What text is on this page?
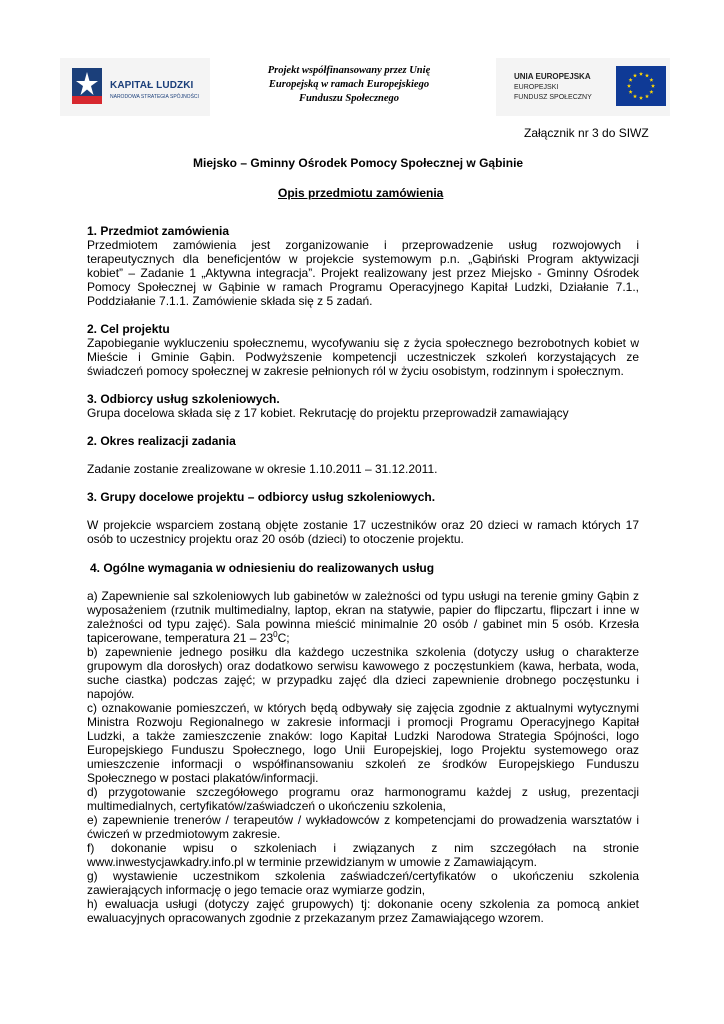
KAPITAŁ LUDZKI
NARODOWA STRATEGIA SPÓJNOŚCI
Projekt współfinansowany przez Unię
Europejską w ramach Europejskiego
Funduszu Społecznego
UNIA EUROPEJSKA
EUROPEJSKI
FUNDUSZ SPOŁECZNY
Załącznik nr 3 do SIWZ
Miejsko – Gminny Ośrodek Pomocy Społecznej w Gąbinie
Opis przedmiotu zamówienia
1. Przedmiot zamówienia
Przedmiotem zamówienia jest zorganizowanie i przeprowadzenie usług rozwojowych i
terapeutycznych dla beneficjentów w projekcie systemowym p.n. „Gąbiński Program aktywizacji
kobiet” – Zadanie 1 „Aktywna integracja”. Projekt realizowany jest przez Miejsko - Gminny Ośrodek
Pomocy Społecznej w Gąbinie w ramach Programu Operacyjnego Kapitał Ludzki, Działanie 7.1.,
Poddziałanie 7.1.1. Zamówienie składa się z 5 zadań.
2. Cel projektu
Zapobieganie wykluczeniu społecznemu, wycofywaniu się z życia społecznego bezrobotnych kobiet w
Mieście i Gminie Gąbin. Podwyższenie kompetencji uczestniczek szkoleń korzystających ze
świadczeń pomocy społecznej w zakresie pełnionych ról w życiu osobistym, rodzinnym i społecznym.
3. Odbiorcy usług szkoleniowych.
Grupa docelowa składa się z 17 kobiet. Rekrutację do projektu przeprowadził zamawiający
2. Okres realizacji zadania
Zadanie zostanie zrealizowane w okresie 1.10.2011 – 31.12.2011.
3. Grupy docelowe projektu – odbiorcy usług szkoleniowych.
W projekcie wsparciem zostaną objęte zostanie 17 uczestników oraz 20 dzieci w ramach których 17
osób to uczestnicy projektu oraz 20 osób (dzieci) to otoczenie projektu.
4. Ogólne wymagania w odniesieniu do realizowanych usług
a) Zapewnienie sal szkoleniowych lub gabinetów w zależności od typu usługi na terenie gminy Gąbin z
wyposażeniem (rzutnik multimedialny, laptop, ekran na statywie, papier do flipczartu, flipczart i inne w
zależności od typu zajęć). Sala powinna mieścić minimalnie 20 osób / gabinet min 5 osób. Krzesła
tapicerowane, temperatura $21 - 23^0C$;
b) zapewnienie jednego posiłku dla każdego uczestnika szkolenia (dotyczy usług o charakterze
grupowym dla dorosłych) oraz dodatkowo serwisu kawowego z poczęstunkiem (kawa, herbata, woda,
suche ciastka) podczas zajęć; w przypadku zajęć dla dzieci zapewnienie drobnego poczęstunku i
napojów.
c) oznakowanie pomieszczeń, w których będą odbywały się zajęcia zgodnie z aktualnymi wytycznymi
Ministra Rozwoju Regionalnego w zakresie informacji i promocji Programu Operacyjnego Kapitał
Ludzki, a także zamieszczenie znaków: logo Kapitał Ludzki Narodowa Strategia Spójności, logo
Europejskiego Funduszu Społecznego, logo Unii Europejskiej, logo Projektu systemowego oraz
umieszczenie informacji o współfinansowaniu szkoleń ze środków Europejskiego Funduszu
Społecznego w postaci plakatów/informacji.
d) przygotowanie szczegółowego programu oraz harmonogramu każdej z usług, prezentacji
multimedialnych, certyfikatów/zaświadczeń o ukończeniu szkolenia,
e) zapewnienie trenerów / terapeutów / wykładowców z kompetencjami do prowadzenia warsztatów i
ćwiczeń w przedmiotowym zakresie.
f) dokonanie wpisu o szkoleniach i związanych z nim szczegółach na stronie
www.inwestycjawkadry.info.pl w terminie przewidzianym w umowie z Zamawiającym.
g) wystawienie uczestnikom szkolenia zaświadczeń/certyfikatów o ukończeniu szkolenia
zawierających informację o jego temacie oraz wymiarze godzin,
h) ewaluacja usługi (dotyczy zajęć grupowych) tj: dokonanie oceny szkolenia za pomocą ankiet
ewaluacyjnych opracowanych zgodnie z przekazanym przez Zamawiającego wzorem.
